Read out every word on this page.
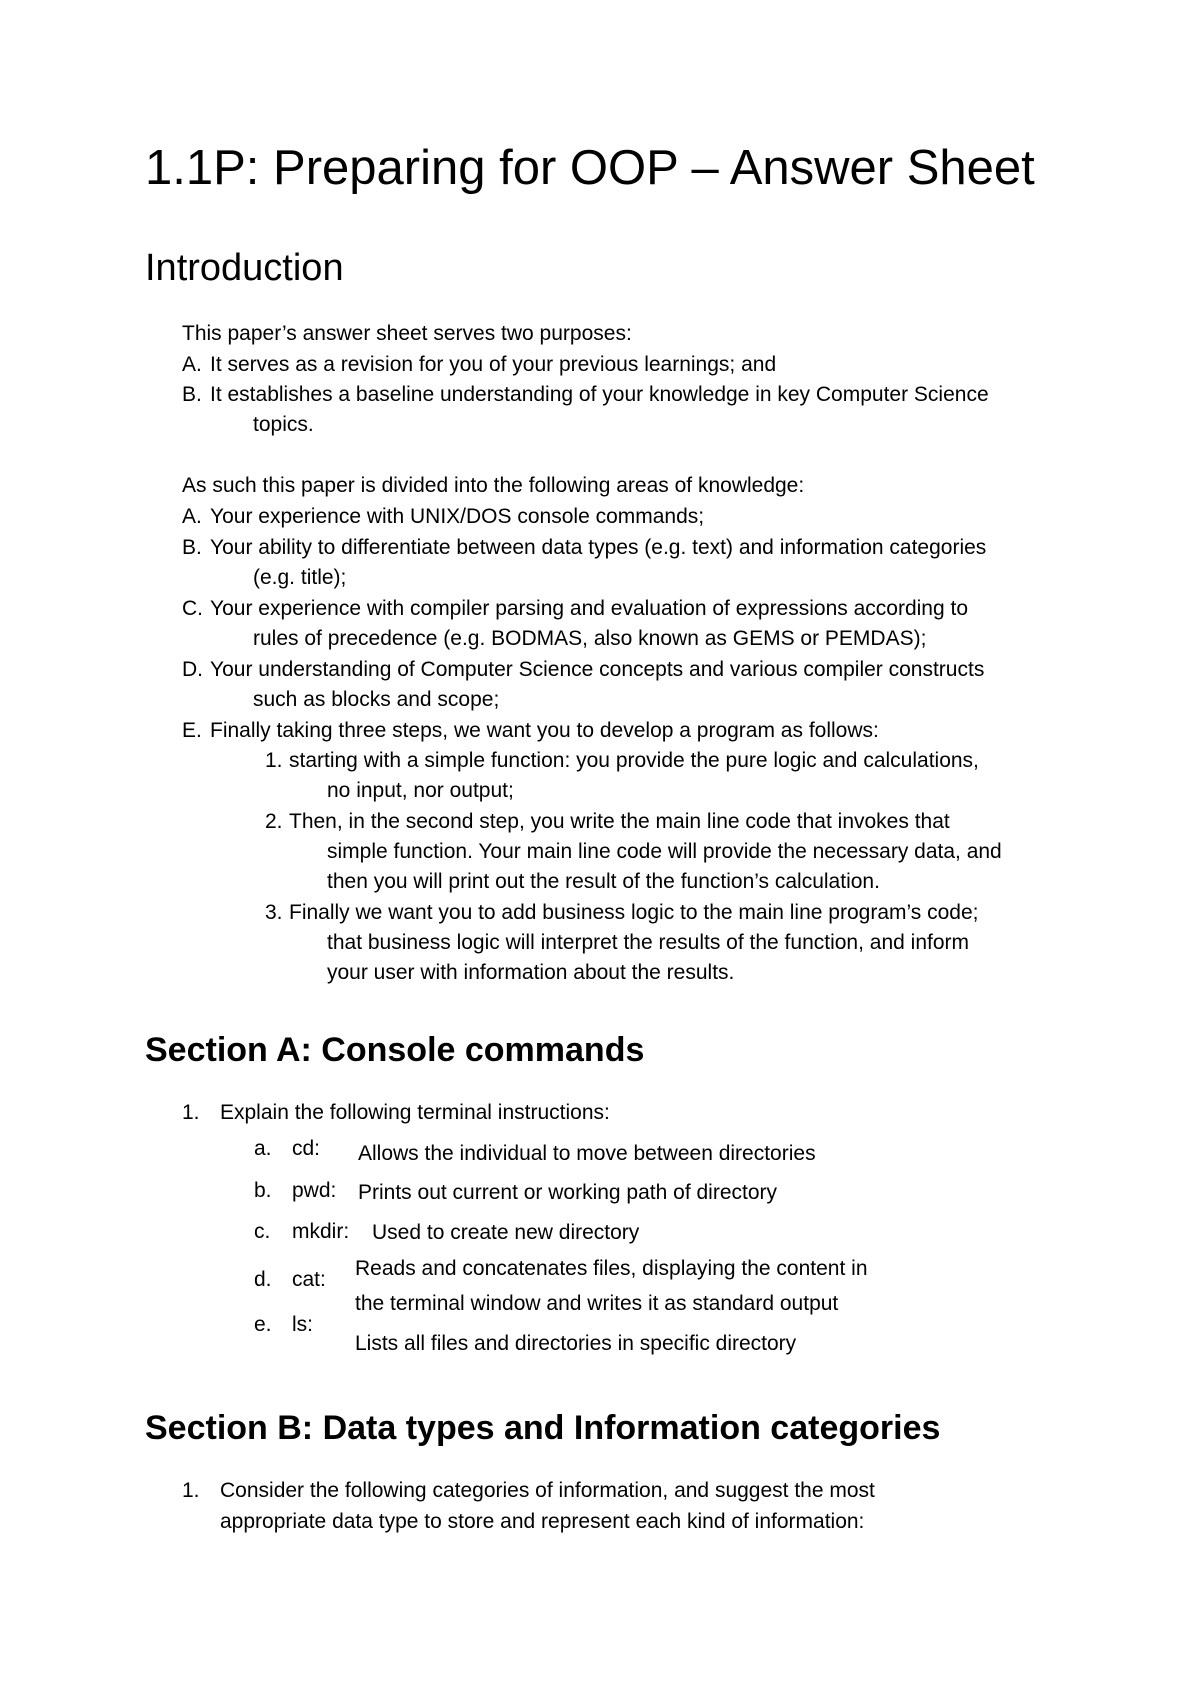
1.1P: Preparing for OOP – Answer Sheet
Introduction
This paper’s answer sheet serves two purposes:
A. It serves as a revision for you of your previous learnings; and
B. It establishes a baseline understanding of your knowledge in key Computer Science
topics.
As such this paper is divided into the following areas of knowledge:
A. Your experience with UNIX/DOS console commands;
B. Your ability to differentiate between data types (e.g. text) and information categories
(e.g. title);
C. Your experience with compiler parsing and evaluation of expressions according to
rules of precedence (e.g. BODMAS, also known as GEMS or PEMDAS);
D. Your understanding of Computer Science concepts and various compiler constructs
such as blocks and scope;
E. Finally taking three steps, we want you to develop a program as follows:
1. starting with a simple function: you provide the pure logic and calculations,
no input, nor output;
2. Then, in the second step, you write the main line code that invokes that
simple function. Your main line code will provide the necessary data, and
then you will print out the result of the function’s calculation.
3. Finally we want you to add business logic to the main line program’s code;
that business logic will interpret the results of the function, and inform
your user with information about the results.
Section A: Console commands
1. Explain the following terminal instructions:
a. cd: Allows the individual to move between directories
b. pwd: Prints out current or working path of directory
c. mkdir: Used to create new directory
d. cat: Reads and concatenates files, displaying the content in
the terminal window and writes it as standard output
e. ls:
Lists all files and directories in specific directory
Section B: Data types and Information categories
1. Consider the following categories of information, and suggest the most
appropriate data type to store and represent each kind of information:
